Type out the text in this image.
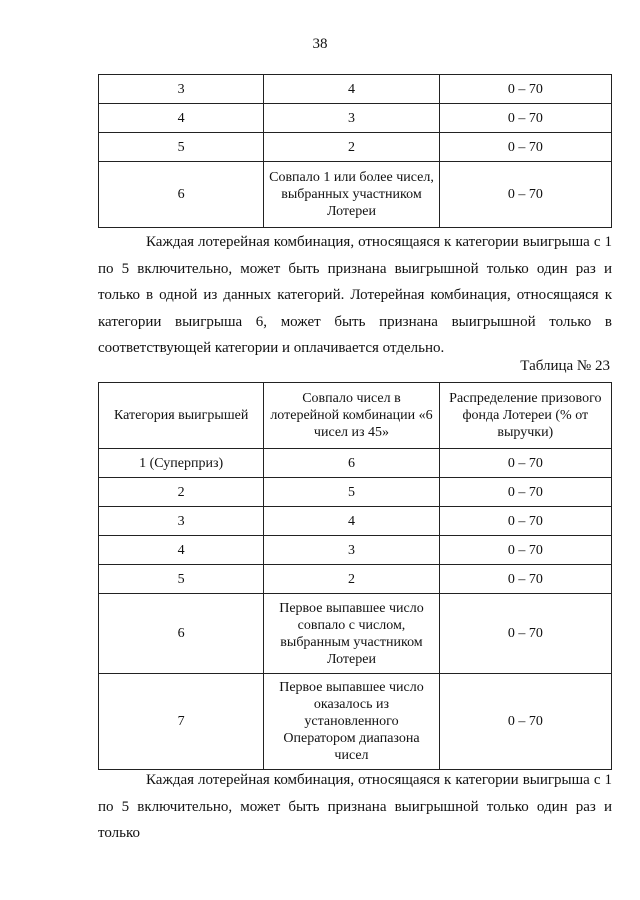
38
3	4	0 – 70
4	3	0 – 70
5	2	0 – 70
6	Совпало 1 или более чисел, выбранных участником Лотереи	0 – 70

Каждая лотерейная комбинация, относящаяся к категории выигрыша с 1 по 5 включительно, может быть признана выигрышной только один раз и только в одной из данных категорий. Лотерейная комбинация, относящаяся к категории выигрыша 6, может быть признана выигрышной только в соответствующей категории и оплачивается отдельно.

Таблица № 23
Категория выигрышей	Совпало чисел в лотерейной комбинации «6 чисел из 45»	Распределение призового фонда Лотереи (% от выручки)
1 (Суперприз)	6	0 – 70
2	5	0 – 70
3	4	0 – 70
4	3	0 – 70
5	2	0 – 70
6	Первое выпавшее число совпало с числом, выбранным участником Лотереи	0 – 70
7	Первое выпавшее число оказалось из установленного Оператором диапазона чисел	0 – 70

Каждая лотерейная комбинация, относящаяся к категории выигрыша с 1 по 5 включительно, может быть признана выигрышной только один раз и только
